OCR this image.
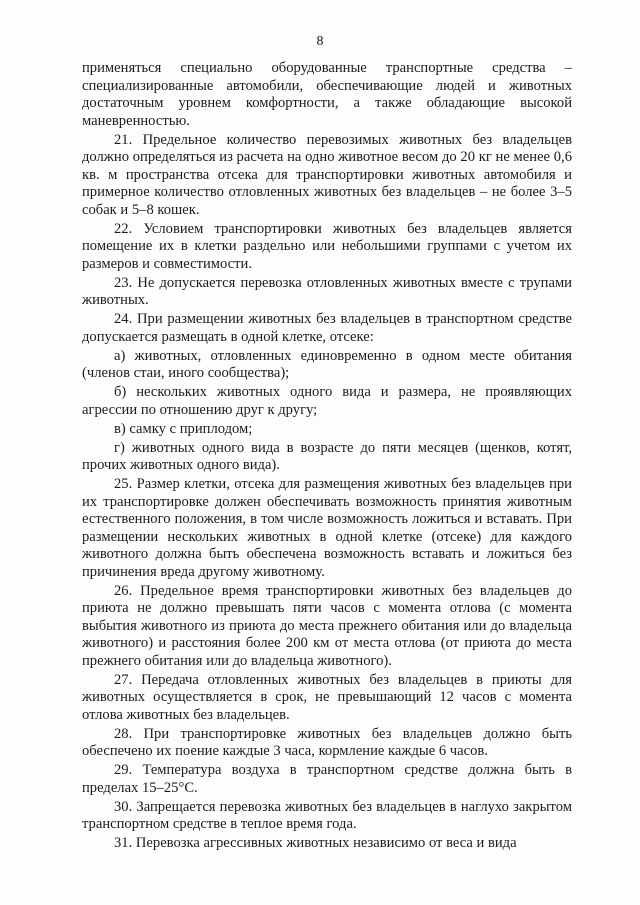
8

применяться специально оборудованные транспортные средства – специализированные автомобили, обеспечивающие людей и животных достаточным уровнем комфортности, а также обладающие высокой маневренностью.

21. Предельное количество перевозимых животных без владельцев должно определяться из расчета на одно животное весом до 20 кг не менее 0,6 кв. м пространства отсека для транспортировки животных автомобиля и примерное количество отловленных животных без владельцев – не более 3–5 собак и 5–8 кошек.

22. Условием транспортировки животных без владельцев является помещение их в клетки раздельно или небольшими группами с учетом их размеров и совместимости.

23. Не допускается перевозка отловленных животных вместе с трупами животных.

24. При размещении животных без владельцев в транспортном средстве допускается размещать в одной клетке, отсеке:

а) животных, отловленных единовременно в одном месте обитания (членов стаи, иного сообщества);

б) нескольких животных одного вида и размера, не проявляющих агрессии по отношению друг к другу;

в) самку с приплодом;

г) животных одного вида в возрасте до пяти месяцев (щенков, котят, прочих животных одного вида).

25. Размер клетки, отсека для размещения животных без владельцев при их транспортировке должен обеспечивать возможность принятия животным естественного положения, в том числе возможность ложиться и вставать. При размещении нескольких животных в одной клетке (отсеке) для каждого животного должна быть обеспечена возможность вставать и ложиться без причинения вреда другому животному.

26. Предельное время транспортировки животных без владельцев до приюта не должно превышать пяти часов с момента отлова (с момента выбытия животного из приюта до места прежнего обитания или до владельца животного) и расстояния более 200 км от места отлова (от приюта до места прежнего обитания или до владельца животного).

27. Передача отловленных животных без владельцев в приюты для животных осуществляется в срок, не превышающий 12 часов с момента отлова животных без владельцев.

28. При транспортировке животных без владельцев должно быть обеспечено их поение каждые 3 часа, кормление каждые 6 часов.

29. Температура воздуха в транспортном средстве должна быть в пределах 15–25°С.

30. Запрещается перевозка животных без владельцев в наглухо закрытом транспортном средстве в теплое время года.

31. Перевозка агрессивных животных независимо от веса и вида
